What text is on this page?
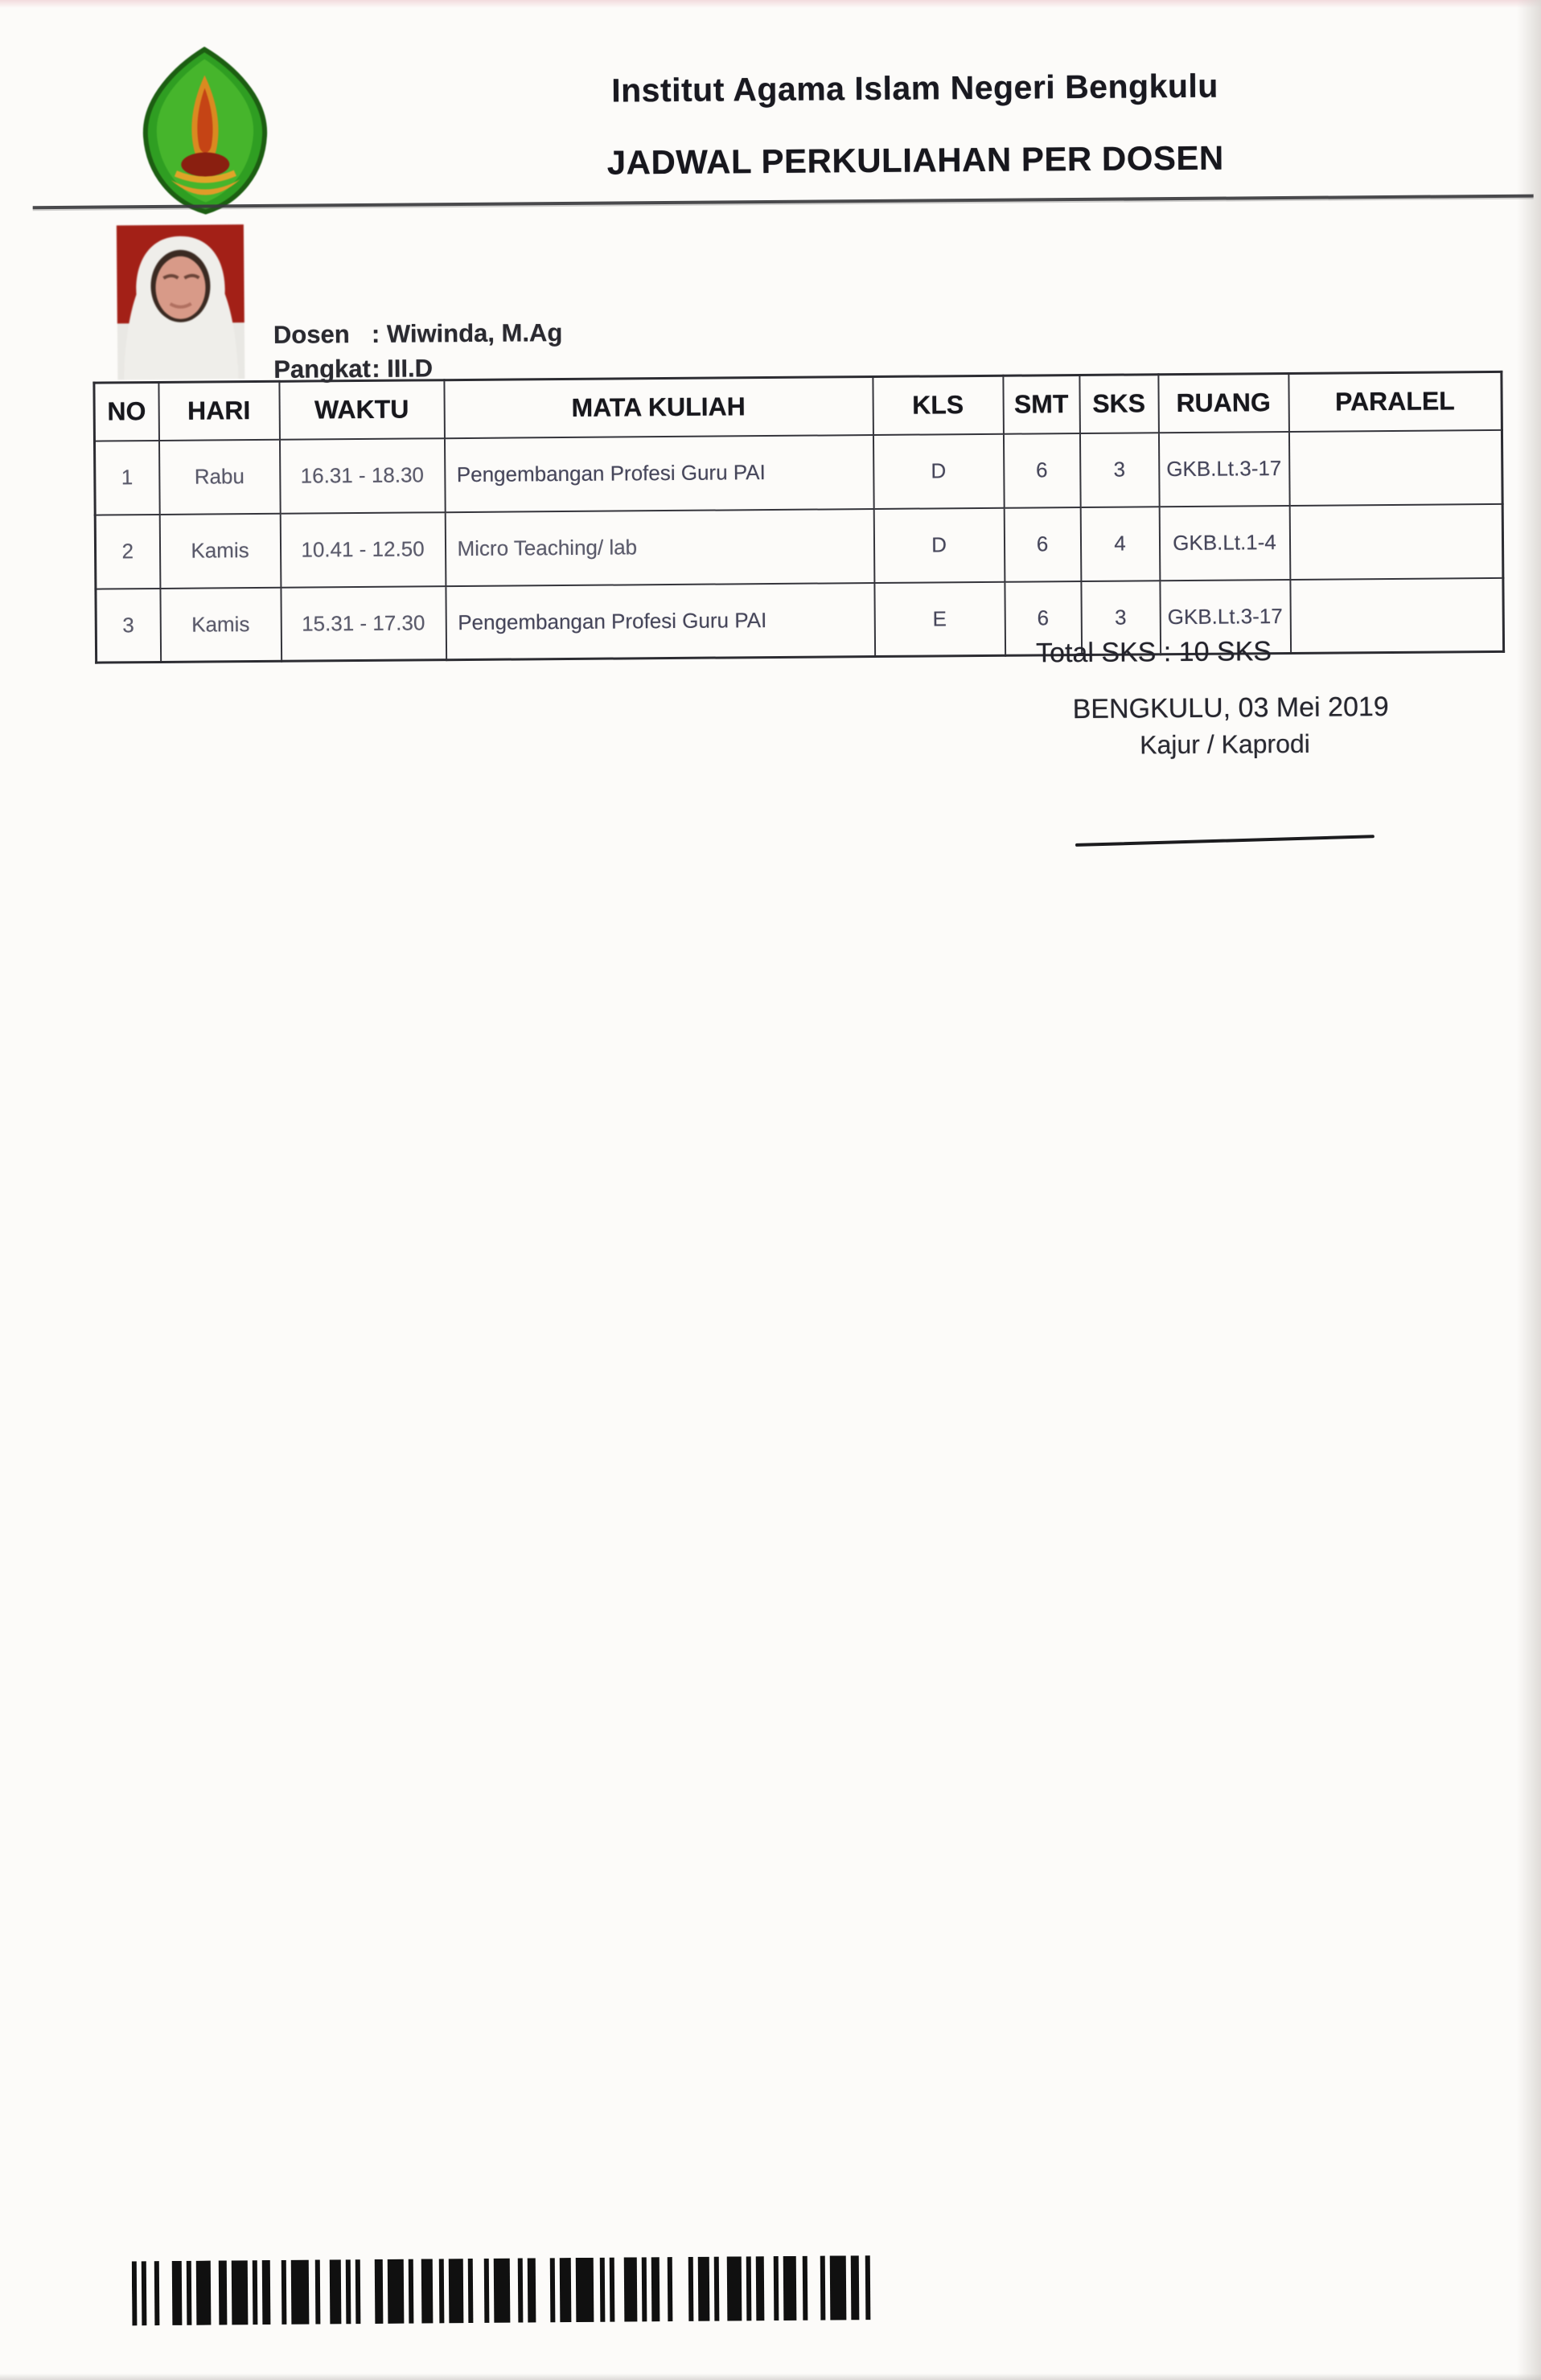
Institut Agama Islam Negeri Bengkulu
JADWAL PERKULIAHAN PER DOSEN
Dosen : Wiwinda, M.Ag
Pangkat : III.D
NO	HARI	WAKTU	MATA KULIAH	KLS	SMT	SKS	RUANG	PARALEL
1	Rabu	16.31 - 18.30	Pengembangan Profesi Guru PAI	D	6	3	GKB.Lt.3-17	
2	Kamis	10.41 - 12.50	Micro Teaching/ lab	D	6	4	GKB.Lt.1-4	
3	Kamis	15.31 - 17.30	Pengembangan Profesi Guru PAI	E	6	3	GKB.Lt.3-17	
Total SKS : 10 SKS
BENGKULU, 03 Mei 2019
Kajur / Kaprodi
